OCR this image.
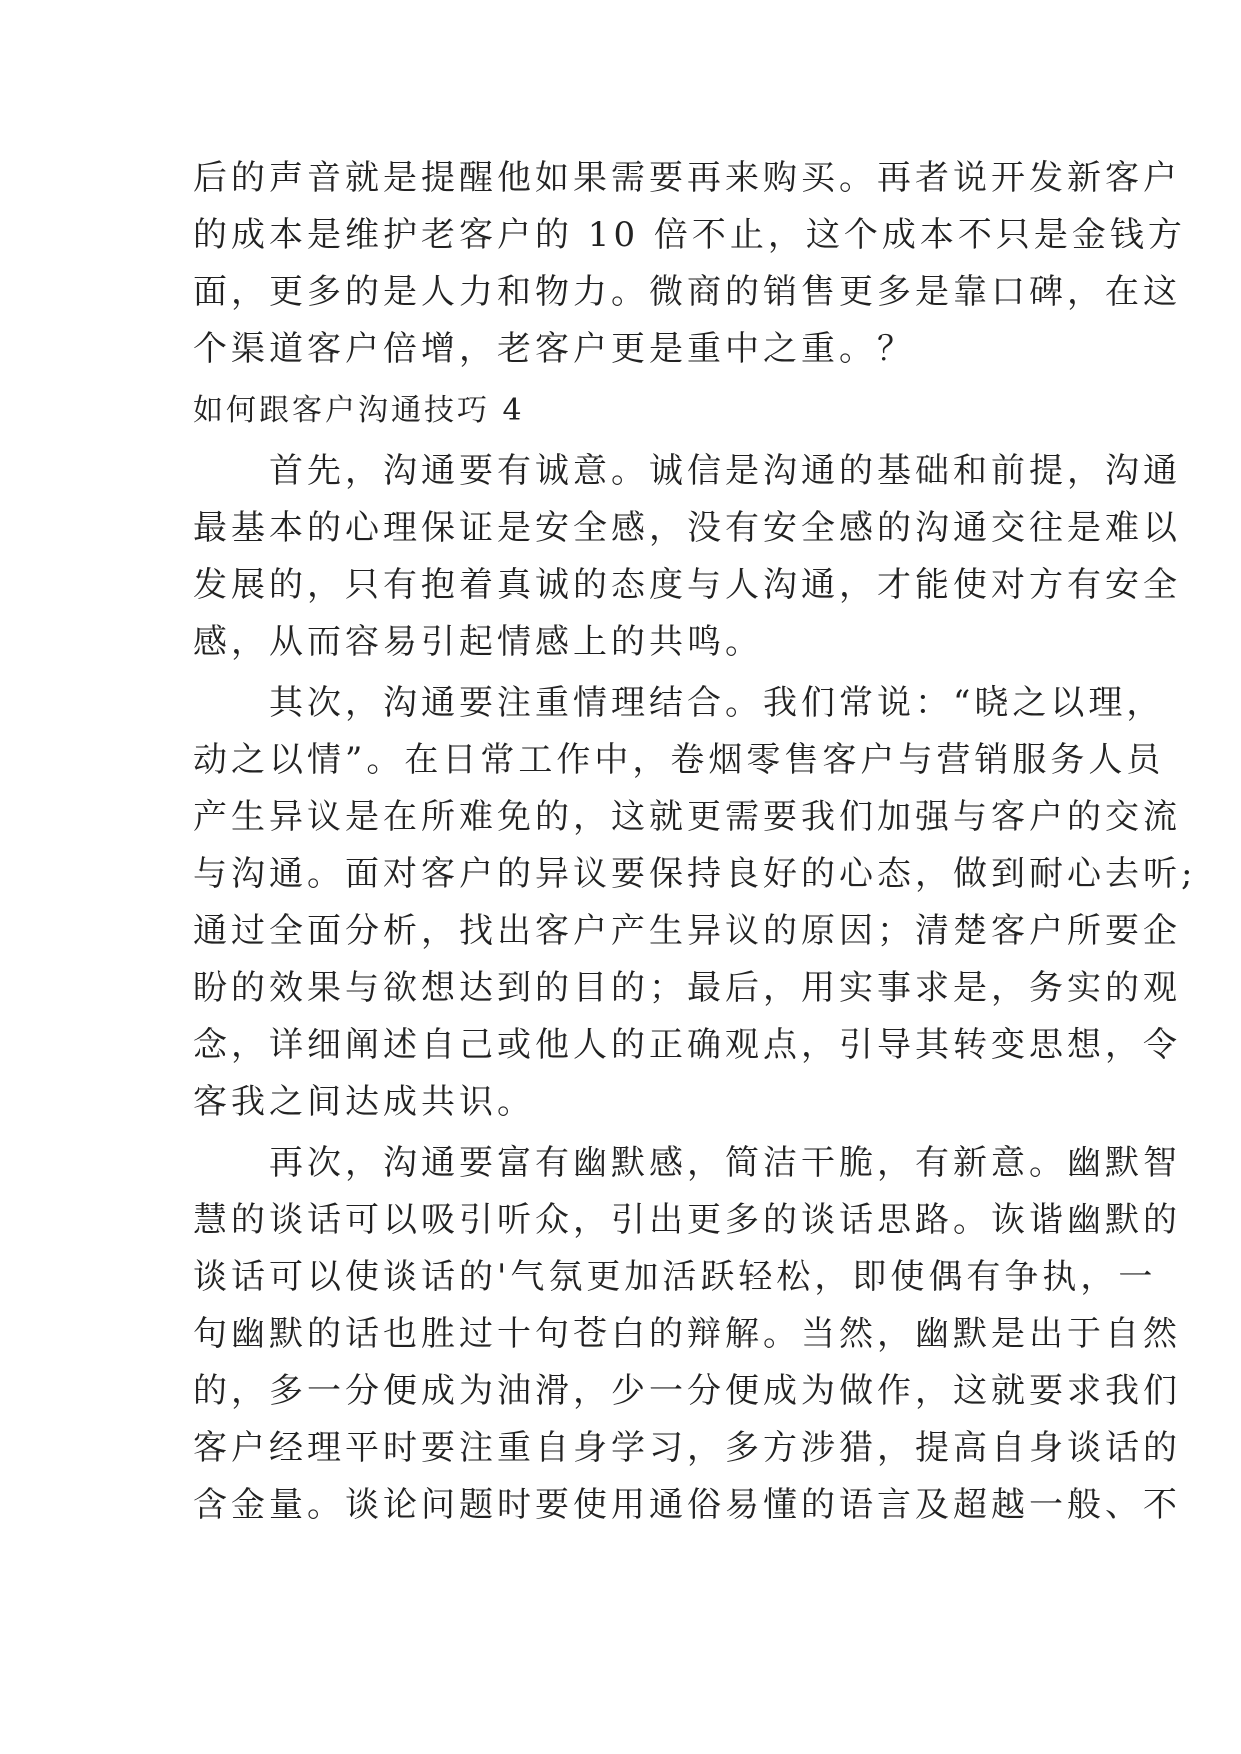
后的声音就是提醒他如果需要再来购买。再者说开发新客户
的成本是维护老客户的 10 倍不止，这个成本不只是金钱方
面，更多的是人力和物力。微商的销售更多是靠口碑，在这
个渠道客户倍增，老客户更是重中之重。？

如何跟客户沟通技巧 4

首先，沟通要有诚意。诚信是沟通的基础和前提，沟通
最基本的心理保证是安全感，没有安全感的沟通交往是难以
发展的，只有抱着真诚的态度与人沟通，才能使对方有安全
感，从而容易引起情感上的共鸣。

其次，沟通要注重情理结合。我们常说：“晓之以理，
动之以情”。在日常工作中，卷烟零售客户与营销服务人员
产生异议是在所难免的，这就更需要我们加强与客户的交流
与沟通。面对客户的异议要保持良好的心态，做到耐心去听;
通过全面分析，找出客户产生异议的原因；清楚客户所要企
盼的效果与欲想达到的目的；最后，用实事求是，务实的观
念，详细阐述自己或他人的正确观点，引导其转变思想，令
客我之间达成共识。

再次，沟通要富有幽默感，简洁干脆，有新意。幽默智
慧的谈话可以吸引听众，引出更多的谈话思路。诙谐幽默的
谈话可以使谈话的'气氛更加活跃轻松，即使偶有争执，一
句幽默的话也胜过十句苍白的辩解。当然，幽默是出于自然
的，多一分便成为油滑，少一分便成为做作，这就要求我们
客户经理平时要注重自身学习，多方涉猎，提高自身谈话的
含金量。谈论问题时要使用通俗易懂的语言及超越一般、不
